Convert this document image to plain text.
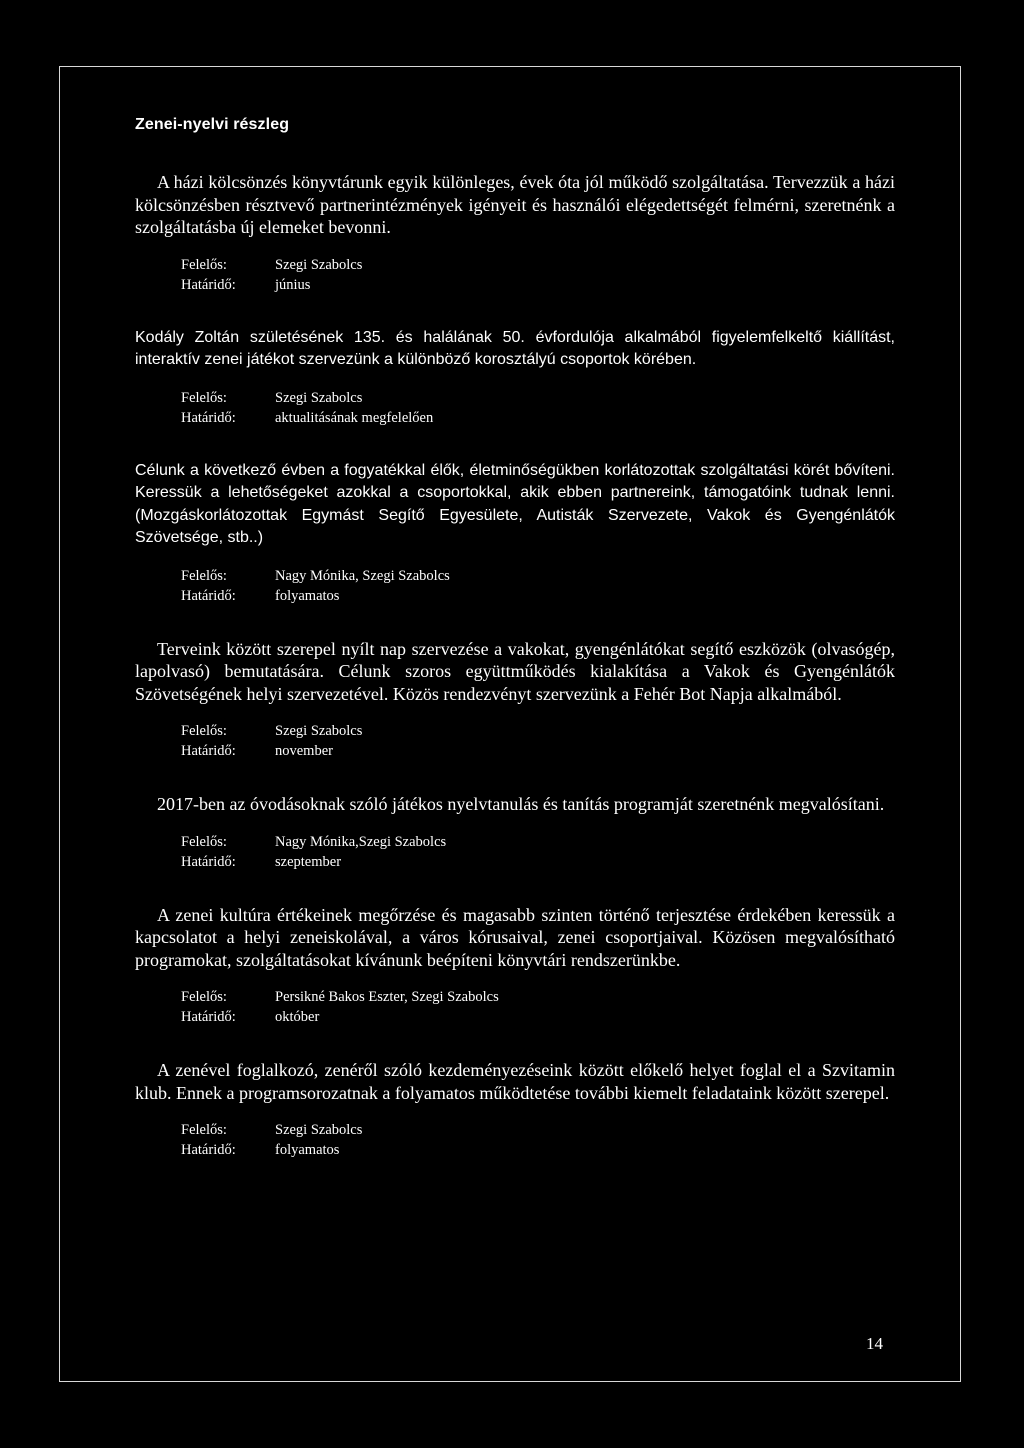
Zenei-nyelvi részleg

A házi kölcsönzés könyvtárunk egyik különleges, évek óta jól működő szolgáltatása. Tervezzük a házi kölcsönzésben résztvevő partnerintézmények igényeit és használói elégedettségét felmérni, szeretnénk a szolgáltatásba új elemeket bevonni.

Felelős:	Szegi Szabolcs
Határidő:	június

Kodály Zoltán születésének 135. és halálának 50. évfordulója alkalmából figyelemfelkeltő kiállítást, interaktív zenei játékot szervezünk a különböző korosztályú csoportok körében.

Felelős:	Szegi Szabolcs
Határidő:	aktualitásának megfelelően

Célunk a következő évben a fogyatékkal élők, életminőségükben korlátozottak szolgáltatási körét bővíteni. Keressük a lehetőségeket azokkal a csoportokkal, akik ebben partnereink, támogatóink tudnak lenni. (Mozgáskorlátozottak Egymást Segítő Egyesülete, Autisták Szervezete, Vakok és Gyengénlátók Szövetsége, stb..)

Felelős:	Nagy Mónika, Szegi Szabolcs
Határidő:	folyamatos

Terveink között szerepel nyílt nap szervezése a vakokat, gyengénlátókat segítő eszközök (olvasógép, lapolvasó) bemutatására. Célunk szoros együttműködés kialakítása a Vakok és Gyengénlátók Szövetségének helyi szervezetével. Közös rendezvényt szervezünk a Fehér Bot Napja alkalmából.

Felelős:	Szegi Szabolcs
Határidő:	november

2017-ben az óvodásoknak szóló játékos nyelvtanulás és tanítás programját szeretnénk megvalósítani.

Felelős:	Nagy Mónika,Szegi Szabolcs
Határidő:	szeptember

A zenei kultúra értékeinek megőrzése és magasabb szinten történő terjesztése érdekében keressük a kapcsolatot a helyi zeneiskolával, a város kórusaival, zenei csoportjaival. Közösen megvalósítható programokat, szolgáltatásokat kívánunk beépíteni könyvtári rendszerünkbe.

Felelős:	Persikné Bakos Eszter, Szegi Szabolcs
Határidő:	október

A zenével foglalkozó, zenéről szóló kezdeményezéseink között előkelő helyet foglal el a Szvitamin klub. Ennek a programsorozatnak a folyamatos működtetése további kiemelt feladataink között szerepel.

Felelős:	Szegi Szabolcs
Határidő:	folyamatos
14
